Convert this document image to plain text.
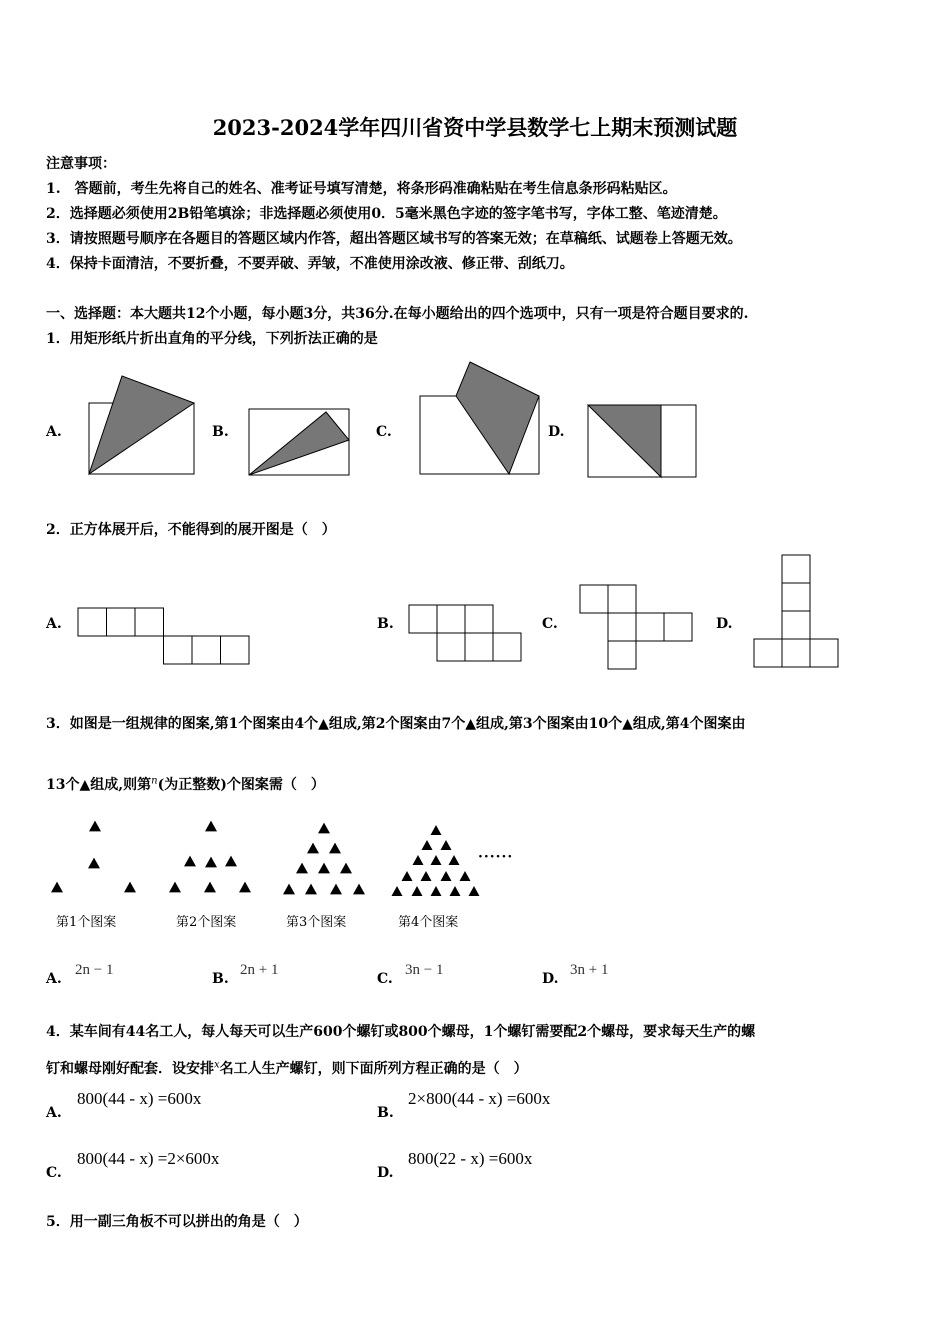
2023-2024学年四川省资中学县数学七上期末预测试题
注意事项：
1.　答题前，考生先将自己的姓名、准考证号填写清楚，将条形码准确粘贴在考生信息条形码粘贴区。
2．选择题必须使用2B铅笔填涂；非选择题必须使用0．5毫米黑色字迹的签字笔书写，字体工整、笔迹清楚。
3．请按照题号顺序在各题目的答题区域内作答，超出答题区域书写的答案无效；在草稿纸、试题卷上答题无效。
4．保持卡面清洁，不要折叠，不要弄破、弄皱，不准使用涂改液、修正带、刮纸刀。
一、选择题：本大题共12个小题，每小题3分，共36分.在每小题给出的四个选项中，只有一项是符合题目要求的.
1．用矩形纸片折出直角的平分线，下列折法正确的是
A.	B.	C.	D.
2．正方体展开后，不能得到的展开图是（　）
A.	B.	C.	D.
3．如图是一组规律的图案,第1个图案由4个▲组成,第2个图案由7个▲组成,第3个图案由10个▲组成,第4个图案由
13个▲组成,则第$^n$(为正整数)个图案需（　）
······
第1个图案	第2个图案	第3个图案	第4个图案
A.
2n − 1
B.
2n + 1
C.
3n − 1
D.
3n + 1
4．某车间有44名工人，每人每天可以生产600个螺钉或800个螺母，1个螺钉需要配2个螺母，要求每天生产的螺
钉和螺母刚好配套．设安排$^x$名工人生产螺钉，则下面所列方程正确的是（　）
A.
800(44 - x) =600x
B.
2×800(44 - x) =600x
C.
800(44 - x) =2×600x
D.
800(22 - x) =600x
5．用一副三角板不可以拼出的角是（　）
